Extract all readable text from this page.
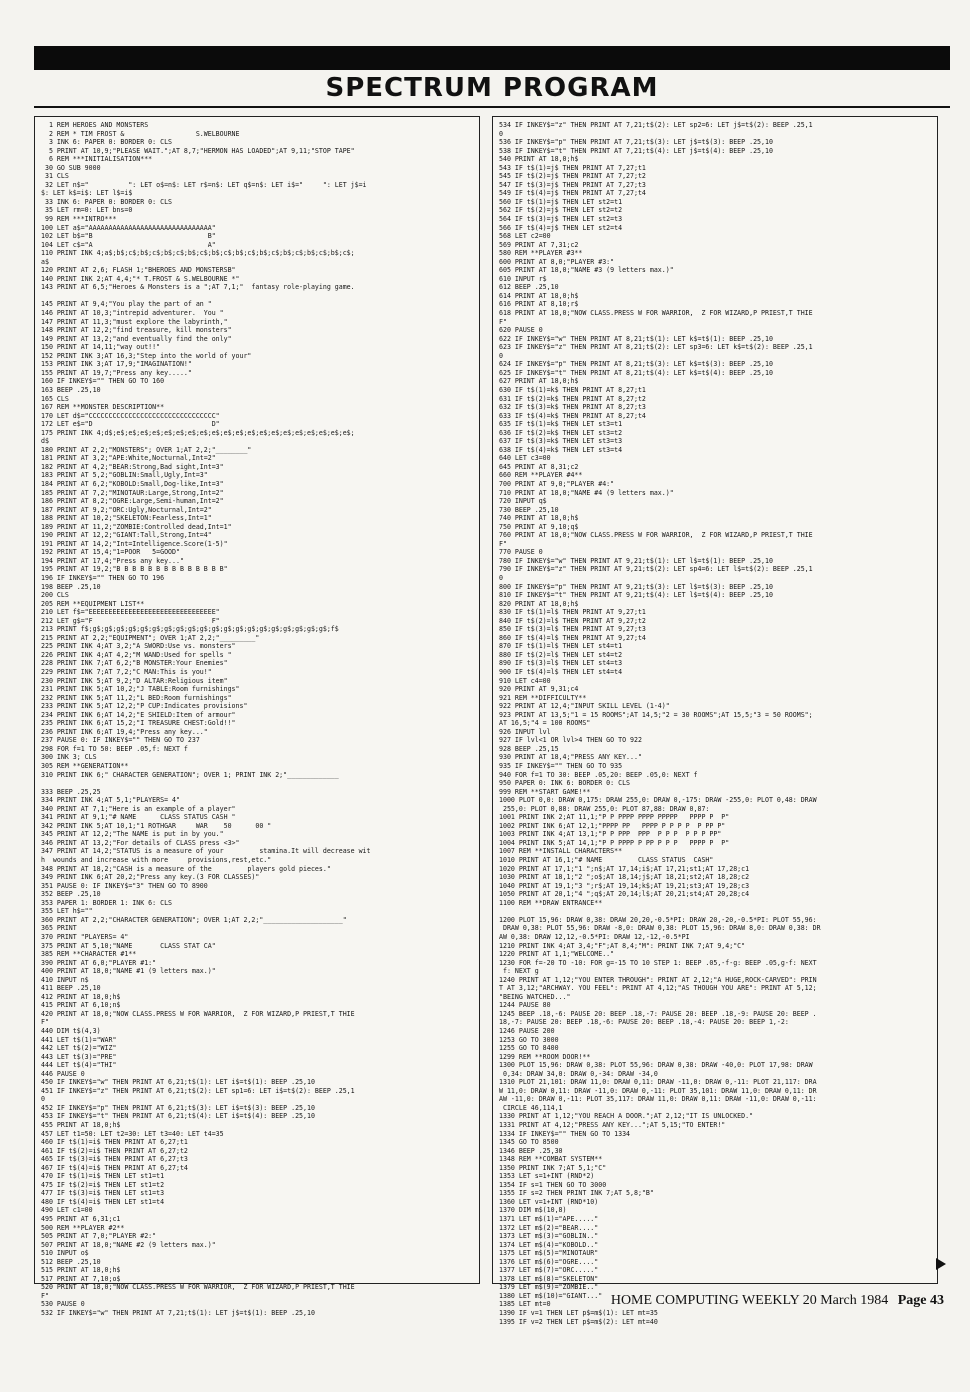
SPECTRUM PROGRAM
1 REM HEROES AND MONSTERS
2 REM * TIM FROST &                  S.WELBOURNE
3 INK 6: PAPER 0: BORDER 0: CLS
5 PRINT AT 10,9;"PLEASE WAIT.";AT 8,7;"HERMON HAS LOADED";AT 9,11;"STOP TAPE"
6 REM ***INITIALISATION***
30 GO SUB 9000
31 CLS
32 LET n$="          ": LET o$=n$: LET r$=n$: LET q$=n$: LET i$="     ": LET j$=i
$: LET k$=i$: LET l$=i$
33 INK 6: PAPER 0: BORDER 0: CLS
35 LET rm=0: LET bns=0
99 REM ***INTRO***
100 LET a$="AAAAAAAAAAAAAAAAAAAAAAAAAAAAAAA"
102 LET b$="B                             B"
104 LET c$="A                             A"
110 PRINT INK 4;a$;b$;c$;b$;c$;b$;c$;b$;c$;b$;c$;b$;c$;b$;c$;b$;c$;b$;c$;b$;c$;
a$
120 PRINT AT 2,6; FLASH 1;"BHEROES AND MONSTERSB"
140 PRINT INK 2;AT 4,4;"* T.FROST & S.WELBOURNE *"
143 PRINT AT 6,5;"Heroes & Monsters is a ";AT 7,1;"  fantasy role-playing game.

145 PRINT AT 9,4;"You play the part of an "
146 PRINT AT 10,3;"intrepid adventurer.  You "
147 PRINT AT 11,3;"must explore the labyrinth,"
148 PRINT AT 12,2;"find treasure, kill monsters"
149 PRINT AT 13,2;"and eventually find the only"
150 PRINT AT 14,11;"way out!!"
152 PRINT INK 3;AT 16,3;"Step into the world of your"
153 PRINT INK 3;AT 17,9;"IMAGINATION!"
155 PRINT AT 19,7;"Press any key....."
160 IF INKEY$="" THEN GO TO 160
163 BEEP .25,10
165 CLS
167 REM **MONSTER DESCRIPTION**
170 LET d$="CCCCCCCCCCCCCCCCCCCCCCCCCCCCCCCC"
172 LET e$="D                              D"
175 PRINT INK 4;d$;e$;e$;e$;e$;e$;e$;e$;e$;e$;e$;e$;e$;e$;e$;e$;e$;e$;e$;e$;e$;
d$
180 PRINT AT 2,2;"MONSTERS"; OVER 1;AT 2,2;"________"
181 PRINT AT 3,2;"APE:White,Nocturnal,Int=2"
182 PRINT AT 4,2;"BEAR:Strong,Bad sight,Int=3"
183 PRINT AT 5,2;"GOBLIN:Small,Ugly,Int=3"
184 PRINT AT 6,2;"KOBOLD:Small,Dog-like,Int=3"
185 PRINT AT 7,2;"MINOTAUR:Large,Strong,Int=2"
186 PRINT AT 8,2;"OGRE:Large,Semi-human,Int=2"
187 PRINT AT 9,2;"ORC:Ugly,Nocturnal,Int=2"
188 PRINT AT 10,2;"SKELETON:Fearless,Int=1"
189 PRINT AT 11,2;"ZOMBIE:Controlled dead,Int=1"
190 PRINT AT 12,2;"GIANT:Tall,Strong,Int=4"
191 PRINT AT 14,2;"Int=Intelligence.Score(1-5)"
192 PRINT AT 15,4;"1=POOR   5=GOOD"
194 PRINT AT 17,4;"Press any key..."
195 PRINT AT 19,2;"B B B B B B B B B B B B B B"
196 IF INKEY$="" THEN GO TO 196
198 BEEP .25,10
200 CLS
205 REM **EQUIPMENT LIST**
210 LET f$="EEEEEEEEEEEEEEEEEEEEEEEEEEEEEEEE"
212 LET g$="F                              F"
213 PRINT f$;g$;g$;g$;g$;g$;g$;g$;g$;g$;g$;g$;g$;g$;g$;g$;g$;g$;g$;g$;g$;f$
215 PRINT AT 2,2;"EQUIPMENT"; OVER 1;AT 2,2;"_________"
225 PRINT INK 4;AT 3,2;"A SWORD:Use vs. monsters"
226 PRINT INK 4;AT 4,2;"M WAND:Used for spells "
228 PRINT INK 7;AT 6,2;"B MONSTER:Your Enemies"
229 PRINT INK 7;AT 7,2;"C MAN:This is you!"
230 PRINT INK 5;AT 9,2;"D ALTAR:Religious item"
231 PRINT INK 5;AT 10,2;"J TABLE:Room furnishings"
232 PRINT INK 5;AT 11,2;"L BED:Room furnishings"
233 PRINT INK 5;AT 12,2;"P CUP:Indicates provisions"
234 PRINT INK 6;AT 14,2;"E SHIELD:Item of armour"
235 PRINT INK 6;AT 15,2;"I TREASURE CHEST:Gold!!"
236 PRINT INK 6;AT 19,4;"Press any key..."
237 PAUSE 0: IF INKEY$="" THEN GO TO 237
298 FOR f=1 TO 50: BEEP .05,f: NEXT f
300 INK 3; CLS
305 REM **GENERATION**
310 PRINT INK 6;" CHARACTER GENERATION"; OVER 1; PRINT INK 2;"_____________

333 BEEP .25,25
334 PRINT INK 4;AT 5,1;"PLAYERS= 4"
340 PRINT AT 7,1;"Here is an example of a player"
341 PRINT AT 9,1;"# NAME      CLASS STATUS CASH "
342 PRINT INK 5;AT 10,1;"1 ROTHGAR     WAR    50      00 "
345 PRINT AT 12,2;"The NAME is put in by you."
346 PRINT AT 13,2;"For details of CLASS press <3>"
347 PRINT AT 14,2;"STATUS is a measure of your         stamina.It will decrease wit
h  wounds and increase with more     provisions,rest,etc."
348 PRINT AT 18,2;"CASH is a measure of the         players gold pieces."
349 PRINT INK 6;AT 20,2;"Press any key.(3 FOR CLASSES)"
351 PAUSE 0: IF INKEY$="3" THEN GO TO 8900
352 BEEP .25,10
353 PAPER 1: BORDER 1: INK 6: CLS
355 LET h$=""
360 PRINT AT 2,2;"CHARACTER GENERATION"; OVER 1;AT 2,2;"____________________"
365 PRINT
370 PRINT "PLAYERS= 4"
375 PRINT AT 5,10;"NAME       CLASS STAT CA"
385 REM **CHARACTER #1**
390 PRINT AT 6,0;"PLAYER #1:"
400 PRINT AT 18,0;"NAME #1 (9 letters max.)"
410 INPUT n$
411 BEEP .25,10
412 PRINT AT 18,0;h$
415 PRINT AT 6,10;n$
420 PRINT AT 18,0;"NOW CLASS.PRESS W FOR WARRIOR,  Z FOR WIZARD,P PRIEST,T THIE
F"
440 DIM t$(4,3)
441 LET t$(1)="WAR"
442 LET t$(2)="WIZ"
443 LET t$(3)="PRE"
444 LET t$(4)="THI"
446 PAUSE 0
450 IF INKEY$="w" THEN PRINT AT 6,21;t$(1): LET i$=t$(1): BEEP .25,10
451 IF INKEY$="z" THEN PRINT AT 6,21;t$(2): LET sp1=6: LET i$=t$(2): BEEP .25,1
0
452 IF INKEY$="p" THEN PRINT AT 6,21;t$(3): LET i$=t$(3): BEEP .25,10
453 IF INKEY$="t" THEN PRINT AT 6,21;t$(4): LET i$=t$(4): BEEP .25,10
455 PRINT AT 18,0;h$
457 LET t1=50: LET t2=30: LET t3=40: LET t4=35
460 IF t$(1)=i$ THEN PRINT AT 6,27;t1
461 IF t$(2)=i$ THEN PRINT AT 6,27;t2
465 IF t$(3)=i$ THEN PRINT AT 6,27;t3
467 IF t$(4)=i$ THEN PRINT AT 6,27;t4
470 IF t$(1)=i$ THEN LET st1=t1
475 IF t$(2)=i$ THEN LET st1=t2
477 IF t$(3)=i$ THEN LET st1=t3
480 IF t$(4)=i$ THEN LET st1=t4
490 LET c1=00
495 PRINT AT 6,31;c1
500 REM **PLAYER #2**
505 PRINT AT 7,0;"PLAYER #2:"
507 PRINT AT 18,0;"NAME #2 (9 letters max.)"
510 INPUT o$
512 BEEP .25,10
515 PRINT AT 18,0;h$
517 PRINT AT 7,10;o$
520 PRINT AT 18,0;"NOW CLASS.PRESS W FOR WARRIOR,  Z FOR WIZARD,P PRIEST,T THIE
F"
530 PAUSE 0
532 IF INKEY$="w" THEN PRINT AT 7,21;t$(1): LET j$=t$(1): BEEP .25,10
534 IF INKEY$="z" THEN PRINT AT 7,21;t$(2): LET sp2=6: LET j$=t$(2): BEEP .25,1
0
536 IF INKEY$="p" THEN PRINT AT 7,21;t$(3): LET j$=t$(3): BEEP .25,10
538 IF INKEY$="t" THEN PRINT AT 7,21;t$(4): LET j$=t$(4): BEEP .25,10
540 PRINT AT 18,0;h$
543 IF t$(1)=j$ THEN PRINT AT 7,27;t1
545 IF t$(2)=j$ THEN PRINT AT 7,27;t2
547 IF t$(3)=j$ THEN PRINT AT 7,27;t3
549 IF t$(4)=j$ THEN PRINT AT 7,27;t4
560 IF t$(1)=j$ THEN LET st2=t1
562 IF t$(2)=j$ THEN LET st2=t2
564 IF t$(3)=j$ THEN LET st2=t3
566 IF t$(4)=j$ THEN LET st2=t4
568 LET c2=00
569 PRINT AT 7,31;c2
580 REM **PLAYER #3**
600 PRINT AT 8,0;"PLAYER #3:"
605 PRINT AT 18,0;"NAME #3 (9 letters max.)"
610 INPUT r$
612 BEEP .25,10
614 PRINT AT 18,0;h$
616 PRINT AT 8,10;r$
618 PRINT AT 18,0;"NOW CLASS.PRESS W FOR WARRIOR,  Z FOR WIZARD,P PRIEST,T THIE
F"
620 PAUSE 0
622 IF INKEY$="w" THEN PRINT AT 8,21;t$(1): LET k$=t$(1): BEEP .25,10
623 IF INKEY$="z" THEN PRINT AT 8,21;t$(2): LET sp3=6: LET k$=t$(2): BEEP .25,1
0
624 IF INKEY$="p" THEN PRINT AT 8,21;t$(3): LET k$=t$(3): BEEP .25,10
625 IF INKEY$="t" THEN PRINT AT 8,21;t$(4): LET k$=t$(4): BEEP .25,10
627 PRINT AT 18,0;h$
630 IF t$(1)=k$ THEN PRINT AT 8,27;t1
631 IF t$(2)=k$ THEN PRINT AT 8,27;t2
632 IF t$(3)=k$ THEN PRINT AT 8,27;t3
633 IF t$(4)=k$ THEN PRINT AT 8,27;t4
635 IF t$(1)=k$ THEN LET st3=t1
636 IF t$(2)=k$ THEN LET st3=t2
637 IF t$(3)=k$ THEN LET st3=t3
638 IF t$(4)=k$ THEN LET st3=t4
640 LET c3=00
645 PRINT AT 8,31;c2
660 REM **PLAYER #4**
700 PRINT AT 9,0;"PLAYER #4:"
710 PRINT AT 18,0;"NAME #4 (9 letters max.)"
720 INPUT q$
730 BEEP .25,10
740 PRINT AT 18,0;h$
750 PRINT AT 9,10;q$
760 PRINT AT 18,0;"NOW CLASS.PRESS W FOR WARRIOR,  Z FOR WIZARD,P PRIEST,T THIE
F"
770 PAUSE 0
780 IF INKEY$="w" THEN PRINT AT 9,21;t$(1): LET l$=t$(1): BEEP .25,10
790 IF INKEY$="z" THEN PRINT AT 9,21;t$(2): LET sp4=6: LET l$=t$(2): BEEP .25,1
0
800 IF INKEY$="p" THEN PRINT AT 9,21;t$(3): LET l$=t$(3): BEEP .25,10
810 IF INKEY$="t" THEN PRINT AT 9,21;t$(4): LET l$=t$(4): BEEP .25,10
820 PRINT AT 18,0;h$
830 IF t$(1)=l$ THEN PRINT AT 9,27;t1
840 IF t$(2)=l$ THEN PRINT AT 9,27;t2
850 IF t$(3)=l$ THEN PRINT AT 9,27;t3
860 IF t$(4)=l$ THEN PRINT AT 9,27;t4
870 IF t$(1)=l$ THEN LET st4=t1
880 IF t$(2)=l$ THEN LET st4=t2
890 IF t$(3)=l$ THEN LET st4=t3
900 IF t$(4)=l$ THEN LET st4=t4
910 LET c4=00
920 PRINT AT 9,31;c4
921 REM **DIFFICULTY**
922 PRINT AT 12,4;"INPUT SKILL LEVEL (1-4)"
923 PRINT AT 13,5;"1 = 15 ROOMS";AT 14,5;"2 = 30 ROOMS";AT 15,5;"3 = 50 ROOMS";
AT 16,5;"4 = 100 ROOMS"
926 INPUT lvl
927 IF lvl<1 OR lvl>4 THEN GO TO 922
928 BEEP .25,15
930 PRINT AT 18,4;"PRESS ANY KEY..."
935 IF INKEY$="" THEN GO TO 935
940 FOR f=1 TO 30: BEEP .05,20: BEEP .05,0: NEXT f
950 PAPER 0: INK 6: BORDER 0: CLS
999 REM **START GAME!**
1000 PLOT 0,0: DRAW 0,175: DRAW 255,0: DRAW 0,-175: DRAW -255,0: PLOT 0,48: DRAW
255,0: PLOT 0,88: DRAW 255,0: PLOT 87,88: DRAW 0,87:
1001 PRINT INK 2;AT 11,1;"P P PPPP PPPP PPPPP   PPPP P  P"
1002 PRINT INK 6;AT 12,1;"PPPP PP   PPPP P P P P  P PP P"
1003 PRINT INK 4;AT 13,1;"P P PPP  PPP  P P P  P P P PP"
1004 PRINT INK 5;AT 14,1;"P P PPPP P PP P P P   PPPP P  P"
1007 REM **INSTALL CHARACTERS**
1010 PRINT AT 16,1;"# NAME         CLASS STATUS  CASH"
1020 PRINT AT 17,1;"1 ";n$;AT 17,14;i$;AT 17,21;st1;AT 17,28;c1
1030 PRINT AT 18,1;"2 ";o$;AT 18,14;j$;AT 18,21;st2;AT 18,28;c2
1040 PRINT AT 19,1;"3 ";r$;AT 19,14;k$;AT 19,21;st3;AT 19,28;c3
1050 PRINT AT 20,1;"4 ";q$;AT 20,14;l$;AT 20,21;st4;AT 20,28;c4
1100 REM **DRAW ENTRANCE**

1200 PLOT 15,96: DRAW 0,38: DRAW 20,20,-0.5*PI: DRAW 20,-20,-0.5*PI: PLOT 55,96:
DRAW 0,38: PLOT 55,96: DRAW -8,0: DRAW 0,38: PLOT 15,96: DRAW 8,0: DRAW 0,38: DR
AW 0,38: DRAW 12,12,-0.5*PI: DRAW 12,-12,-0.5*PI
1210 PRINT INK 4;AT 3,4;"F";AT 8,4;"M": PRINT INK 7;AT 9,4;"C"
1220 PRINT AT 1,1;"WELCOME.."
1230 FOR f=-20 TO -10: FOR g=-15 TO 10 STEP 1: BEEP .05,-f-g: BEEP .05,g-f: NEXT
f: NEXT g
1240 PRINT AT 1,12;"YOU ENTER THROUGH": PRINT AT 2,12;"A HUGE,ROCK-CARVED": PRIN
T AT 3,12;"ARCHWAY. YOU FEEL": PRINT AT 4,12;"AS THOUGH YOU ARE": PRINT AT 5,12;
"BEING WATCHED..."
1244 PAUSE 80
1245 BEEP .18,-6: PAUSE 20: BEEP .18,-7: PAUSE 20: BEEP .18,-9: PAUSE 20: BEEP .
18,-7: PAUSE 20: BEEP .18,-6: PAUSE 20: BEEP .18,-4: PAUSE 20: BEEP 1,-2:
1246 PAUSE 200
1253 GO TO 3000
1255 GO TO 8400
1299 REM **ROOM DOOR!**
1300 PLOT 15,96: DRAW 0,38: PLOT 55,96: DRAW 0,38: DRAW -40,0: PLOT 17,98: DRAW
0,34: DRAW 34,0: DRAW 0,-34: DRAW -34,0
1310 PLOT 21,101: DRAW 11,0: DRAW 0,11: DRAW -11,0: DRAW 0,-11: PLOT 21,117: DRA
W 11,0: DRAW 0,11: DRAW -11,0: DRAW 0,-11: PLOT 35,101: DRAW 11,0: DRAW 0,11: DR
AW -11,0: DRAW 0,-11: PLOT 35,117: DRAW 11,0: DRAW 0,11: DRAW -11,0: DRAW 0,-11:
CIRCLE 46,114,1
1330 PRINT AT 1,12;"YOU REACH A DOOR.";AT 2,12;"IT IS UNLOCKED."
1331 PRINT AT 4,12;"PRESS ANY KEY...";AT 5,15;"TO ENTER!"
1334 IF INKEY$="" THEN GO TO 1334
1345 GO TO 8500
1346 BEEP .25,30
1348 REM **COMBAT SYSTEM**
1350 PRINT INK 7;AT 5,1;"C"
1353 LET s=1+INT (RND*2)
1354 IF s=1 THEN GO TO 3000
1355 IF s=2 THEN PRINT INK 7;AT 5,8;"B"
1360 LET v=1+INT (RND*10)
1370 DIM m$(10,8)
1371 LET m$(1)="APE....."
1372 LET m$(2)="BEAR...."
1373 LET m$(3)="GOBLIN.."
1374 LET m$(4)="KOBOLD.."
1375 LET m$(5)="MINOTAUR"
1376 LET m$(6)="OGRE...."
1377 LET m$(7)="ORC....."
1378 LET m$(8)="SKELETON"
1379 LET m$(9)="ZOMBIE.."
1380 LET m$(10)="GIANT..."
1385 LET mt=0
1390 IF v=1 THEN LET p$=m$(1): LET mt=35
1395 IF v=2 THEN LET p$=m$(2): LET mt=40
HOME COMPUTING WEEKLY 20 March 1984 Page 43
